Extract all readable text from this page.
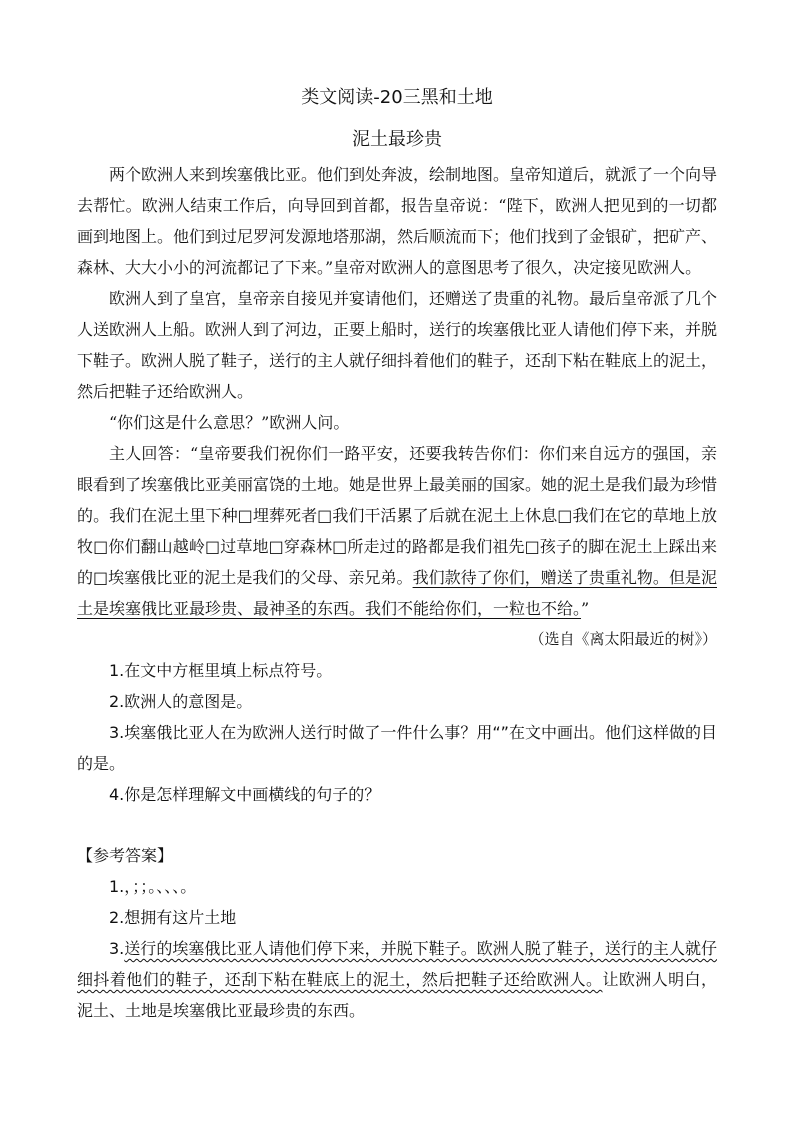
类文阅读-20三黑和土地
泥土最珍贵

两个欧洲人来到埃塞俄比亚。他们到处奔波，绘制地图。皇帝知道后，就派了一个向导去帮忙。欧洲人结束工作后，向导回到首都，报告皇帝说：“陛下，欧洲人把见到的一切都画到地图上。他们到过尼罗河发源地塔那湖，然后顺流而下；他们找到了金银矿，把矿产、森林、大大小小的河流都记了下来。”皇帝对欧洲人的意图思考了很久，决定接见欧洲人。

欧洲人到了皇宫，皇帝亲自接见并宴请他们，还赠送了贵重的礼物。最后皇帝派了几个人送欧洲人上船。欧洲人到了河边，正要上船时，送行的埃塞俄比亚人请他们停下来，并脱下鞋子。欧洲人脱了鞋子，送行的主人就仔细抖着他们的鞋子，还刮下粘在鞋底上的泥土，然后把鞋子还给欧洲人。

“你们这是什么意思？”欧洲人问。

主人回答：“皇帝要我们祝你们一路平安，还要我转告你们：你们来自远方的强国，亲眼看到了埃塞俄比亚美丽富饶的土地。她是世界上最美丽的国家。她的泥土是我们最为珍惜的。我们在泥土里下种□埋葬死者□我们干活累了后就在泥土上休息□我们在它的草地上放牧□你们翻山越岭□过草地□穿森林□所走过的路都是我们祖先□孩子的脚在泥土上踩出来的□埃塞俄比亚的泥土是我们的父母、亲兄弟。我们款待了你们，赠送了贵重礼物。但是泥土是埃塞俄比亚最珍贵、最神圣的东西。我们不能给你们，一粒也不给。”

（选自《离太阳最近的树》）

1.在文中方框里填上标点符号。

2.欧洲人的意图是。

3.埃塞俄比亚人在为欧洲人送行时做了一件什么事？用“”在文中画出。他们这样做的目的是。

4.你是怎样理解文中画横线的句子的？

【参考答案】

1.，；；。、、、。

2.想拥有这片土地

3.送行的埃塞俄比亚人请他们停下来，并脱下鞋子。欧洲人脱了鞋子，送行的主人就仔细抖着他们的鞋子，还刮下粘在鞋底上的泥土，然后把鞋子还给欧洲人。让欧洲人明白，泥土、土地是埃塞俄比亚最珍贵的东西。
